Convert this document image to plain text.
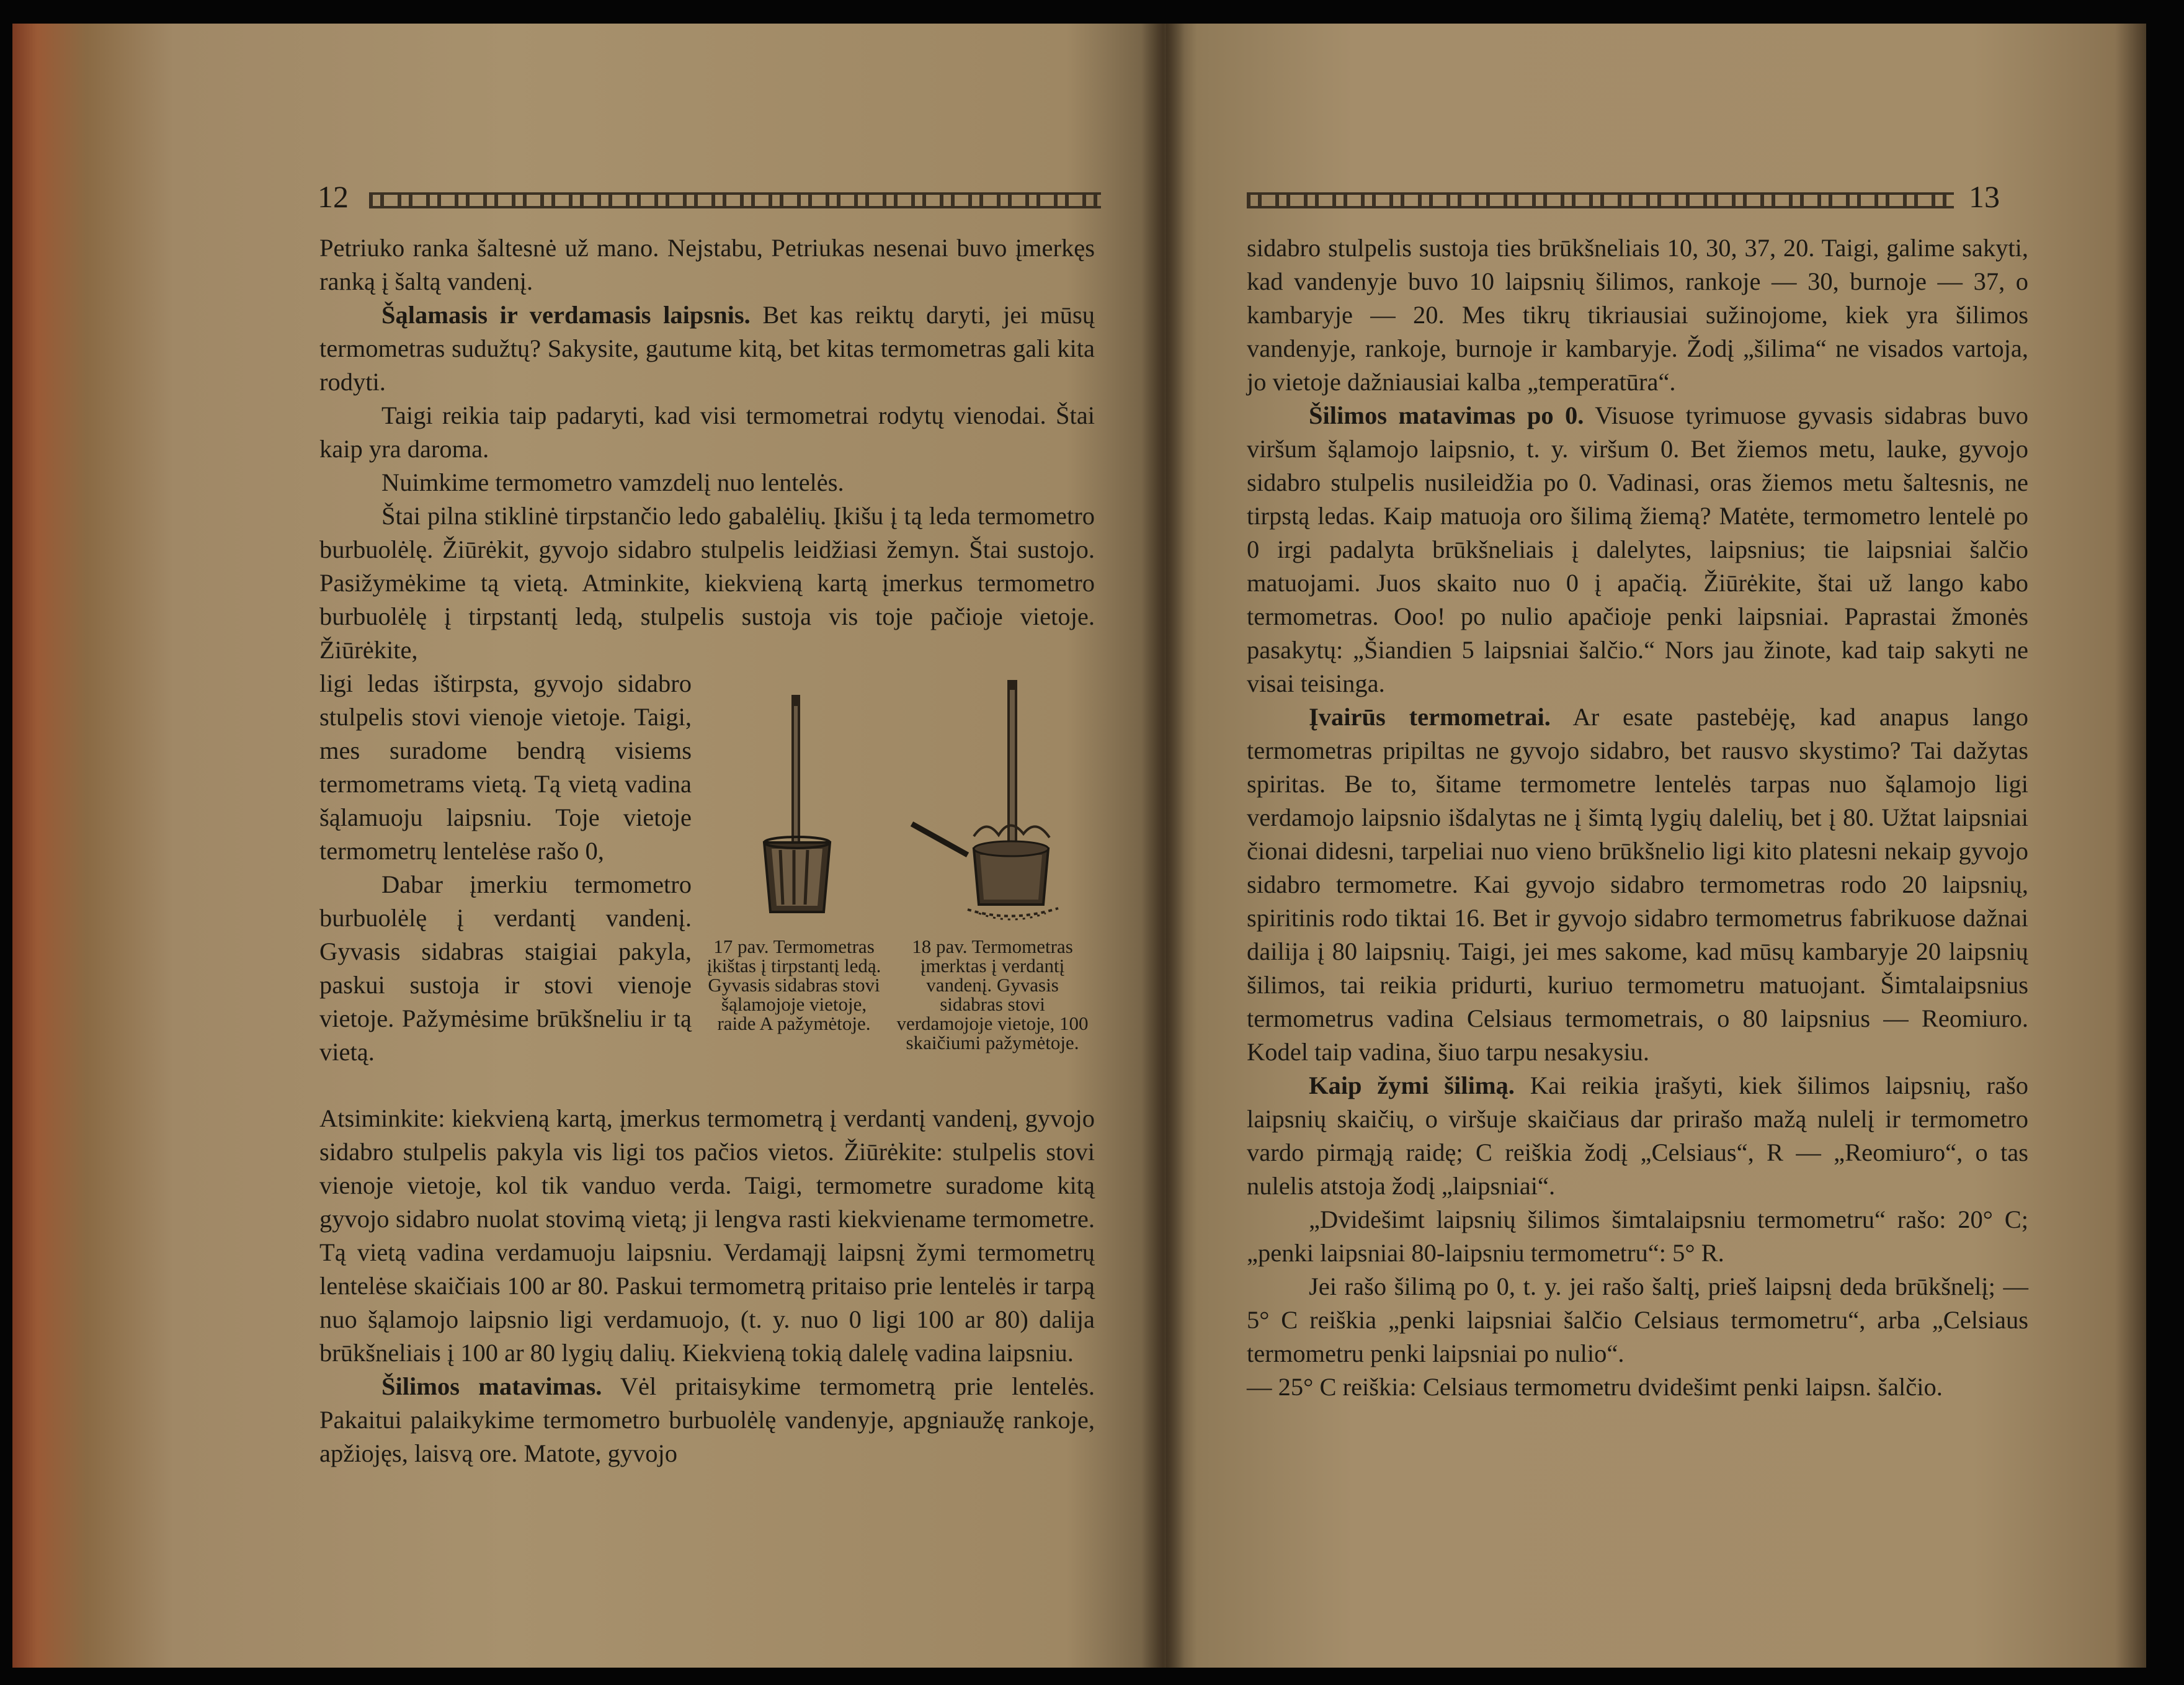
12

Petriuko ranka šaltesnė už mano. Nejstabu, Petriukas nesenai buvo įmerkęs ranką į šaltą vandenį.

Šąlamasis ir verdamasis laipsnis. Bet kas reiktų daryti, jei mūsų termometras sudužtų? Sakysite, gautume kitą, bet kitas termometras gali kita rodyti.

Taigi reikia taip padaryti, kad visi termometrai rodytų vienodai. Štai kaip yra daroma.

Nuimkime termometro vamzdelį nuo lentelės.

Štai pilna stiklinė tirpstančio ledo gabalėlių. Įkišu į tą leda termometro burbuolėlę. Žiūrėkit, gyvojo sidabro stulpelis leidžiasi žemyn. Štai sustojo. Pasižymėkime tą vietą. Atminkite, kiekvieną kartą įmerkus termometro burbuolėlę į tirpstantį ledą, stulpelis sustoja vis toje pačioje vietoje. Žiūrėkite,

ligi ledas ištirpsta, gyvojo sidabro stulpelis stovi vienoje vietoje. Taigi, mes suradome bendrą visiems termometrams vietą. Tą vietą vadina šąlamuoju laipsniu. Toje vietoje termometrų lentelėse rašo 0,

Dabar įmerkiu termometro burbuolėlę į verdantį vandenį. Gyvasis sidabras staigiai pakyla, paskui sustoja ir stovi vienoje vietoje. Pažymėsime brūkšneliu ir tą vietą.

17 pav. Termometras įkištas į tirpstantį ledą. Gyvasis sidabras stovi šąlamojoje vietoje, raide A pažymėtoje.
18 pav. Termometras įmerktas į verdantį vandenį. Gyvasis sidabras stovi verdamojoje vietoje, 100 skaičiumi pažymėtoje.

Atsiminkite: kiekvieną kartą, įmerkus termometrą į verdantį vandenį, gyvojo sidabro stulpelis pakyla vis ligi tos pačios vietos. Žiūrėkite: stulpelis stovi vienoje vietoje, kol tik vanduo verda. Taigi, termometre suradome kitą gyvojo sidabro nuolat stovimą vietą; ji lengva rasti kiekviename termometre. Tą vietą vadina verdamuoju laipsniu. Verdamąjį laipsnį žymi termometrų lentelėse skaičiais 100 ar 80. Paskui termometrą pritaiso prie lentelės ir tarpą nuo šąlamojo laipsnio ligi verdamuojo, (t. y. nuo 0 ligi 100 ar 80) dalija brūkšneliais į 100 ar 80 lygių dalių. Kiekvieną tokią dalelę vadina laipsniu.

Šilimos matavimas. Vėl pritaisykime termometrą prie lentelės. Pakaitui palaikykime termometro burbuolėlę vandenyje, apgniaužę rankoje, apžiojęs, laisvą ore. Matote, gyvojo

13

sidabro stulpelis sustoja ties brūkšneliais 10, 30, 37, 20. Taigi, galime sakyti, kad vandenyje buvo 10 laipsnių šilimos, rankoje — 30, burnoje — 37, o kambaryje — 20. Mes tikrų tikriausiai sužinojome, kiek yra šilimos vandenyje, rankoje, burnoje ir kambaryje. Žodį „šilima“ ne visados vartoja, jo vietoje dažniausiai kalba „temperatūra“.

Šilimos matavimas po 0. Visuose tyrimuose gyvasis sidabras buvo viršum šąlamojo laipsnio, t. y. viršum 0. Bet žiemos metu, lauke, gyvojo sidabro stulpelis nusileidžia po 0. Vadinasi, oras žiemos metu šaltesnis, ne tirpstą ledas. Kaip matuoja oro šilimą žiemą? Matėte, termometro lentelė po 0 irgi padalyta brūkšneliais į dalelytes, laipsnius; tie laipsniai šalčio matuojami. Juos skaito nuo 0 į apačią. Žiūrėkite, štai už lango kabo termometras. Ooo! po nulio apačioje penki laipsniai. Paprastai žmonės pasakytų: „Šiandien 5 laipsniai šalčio.“ Nors jau žinote, kad taip sakyti ne visai teisinga.

Įvairūs termometrai. Ar esate pastebėję, kad anapus lango termometras pripiltas ne gyvojo sidabro, bet rausvo skystimo? Tai dažytas spiritas. Be to, šitame termometre lentelės tarpas nuo šąlamojo ligi verdamojo laipsnio išdalytas ne į šimtą lygių dalelių, bet į 80. Užtat laipsniai čionai didesni, tarpeliai nuo vieno brūkšnelio ligi kito platesni nekaip gyvojo sidabro termometre. Kai gyvojo sidabro termometras rodo 20 laipsnių, spiritinis rodo tiktai 16. Bet ir gyvojo sidabro termometrus fabrikuose dažnai dailija į 80 laipsnių. Taigi, jei mes sakome, kad mūsų kambaryje 20 laipsnių šilimos, tai reikia pridurti, kuriuo termometru matuojant. Šimtalaipsnius termometrus vadina Celsiaus termometrais, o 80 laipsnius — Reomiuro. Kodel taip vadina, šiuo tarpu nesakysiu.

Kaip žymi šilimą. Kai reikia įrašyti, kiek šilimos laipsnių, rašo laipsnių skaičių, o viršuje skaičiaus dar prirašo mažą nulelį ir termometro vardo pirmąją raidę; C reiškia žodį „Celsiaus“, R — „Reomiuro“, o tas nulelis atstoja žodį „laipsniai“.

„Dvidešimt laipsnių šilimos šimtalaipsniu termometru“ rašo: 20° C; „penki laipsniai 80-laipsniu termometru“: 5° R.

Jei rašo šilimą po 0, t. y. jei rašo šaltį, prieš laipsnį deda brūkšnelį; — 5° C reiškia „penki laipsniai šalčio Celsiaus termometru“, arba „Celsiaus termometru penki laipsniai po nulio“.

— 25° C reiškia: Celsiaus termometru dvidešimt penki laipsn. šalčio.
